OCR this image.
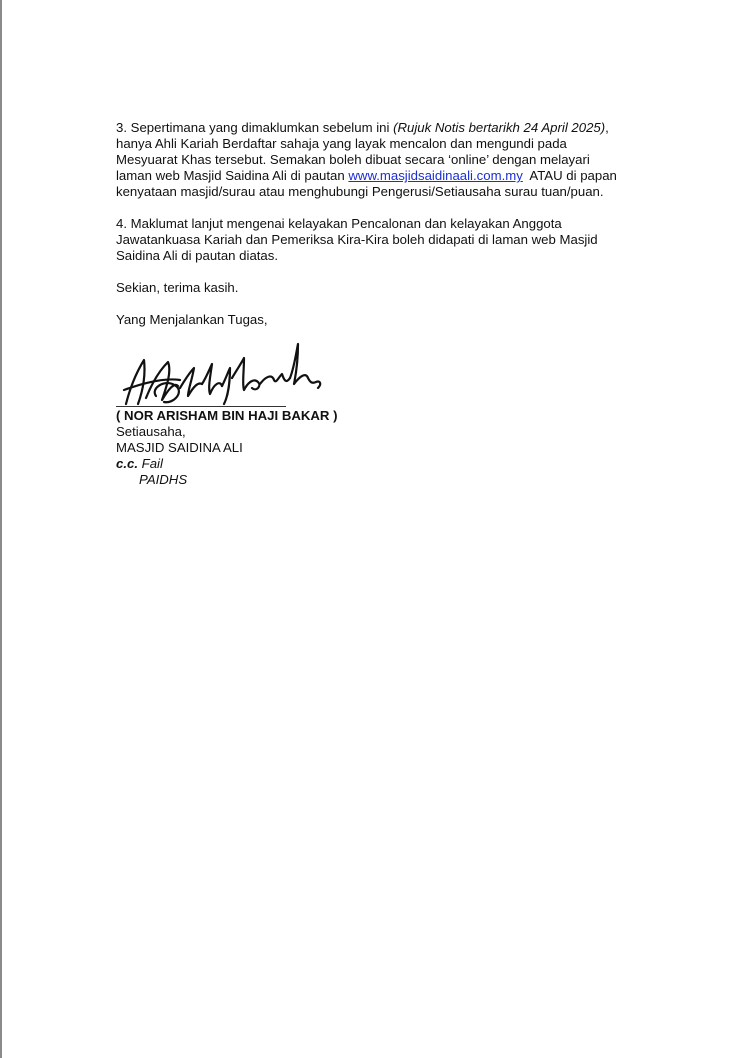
3. Sepertimana yang dimaklumkan sebelum ini (Rujuk Notis bertarikh 24 April 2025),
hanya Ahli Kariah Berdaftar sahaja yang layak mencalon dan mengundi pada
Mesyuarat Khas tersebut. Semakan boleh dibuat secara ‘online’ dengan melayari
laman web Masjid Saidina Ali di pautan www.masjidsaidinaali.com.my  ATAU di papan
kenyataan masjid/surau atau menghubungi Pengerusi/Setiausaha surau tuan/puan.
4. Maklumat lanjut mengenai kelayakan Pencalonan dan kelayakan Anggota
Jawatankuasa Kariah dan Pemeriksa Kira-Kira boleh didapati di laman web Masjid
Saidina Ali di pautan diatas.

Sekian, terima kasih.

Yang Menjalankan Tugas,

( NOR ARISHAM BIN HAJI BAKAR )
Setiausaha,
MASJID SAIDINA ALI
c.c. Fail
PAIDHS
